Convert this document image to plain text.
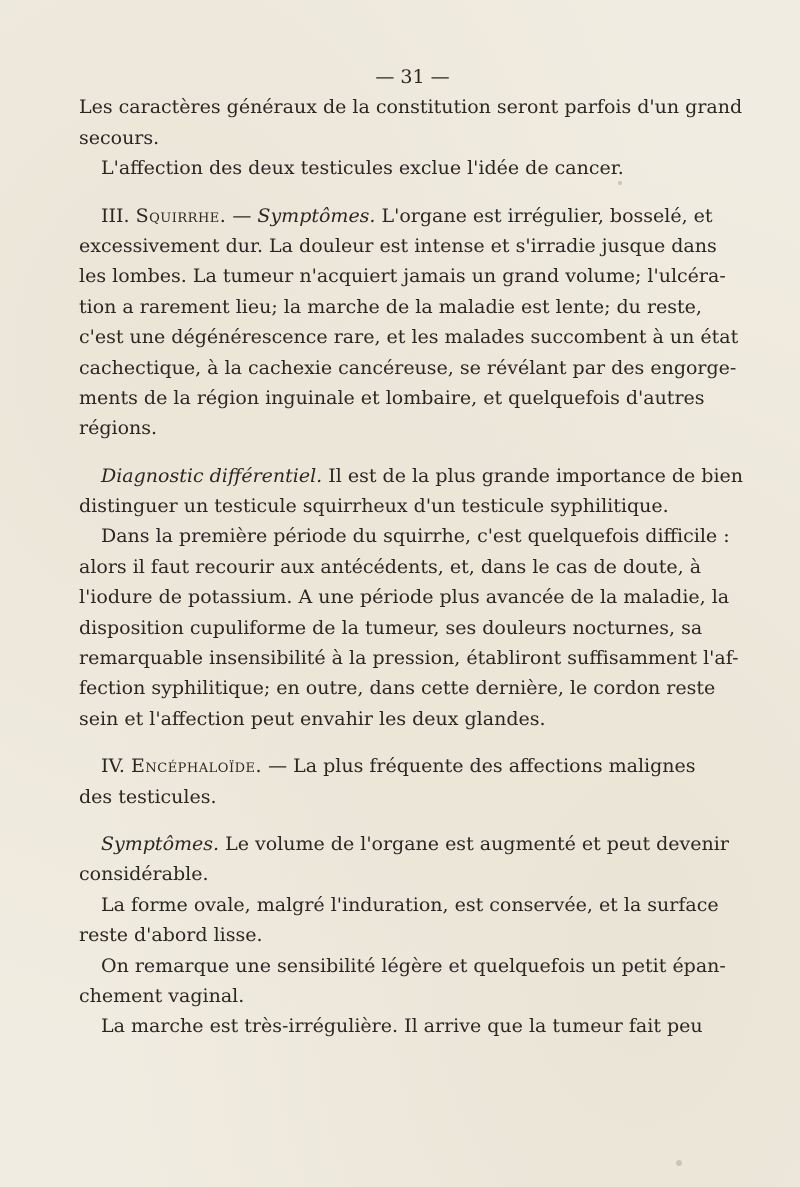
— 31 —
Les caractères généraux de la constitution seront parfois d'un grand
secours.
L'affection des deux testicules exclue l'idée de cancer.
III. Squirrhe. — Symptômes. L'organe est irrégulier, bosselé, et
excessivement dur. La douleur est intense et s'irradie jusque dans
les lombes. La tumeur n'acquiert jamais un grand volume; l'ulcéra-
tion a rarement lieu; la marche de la maladie est lente; du reste,
c'est une dégénérescence rare, et les malades succombent à un état
cachectique, à la cachexie cancéreuse, se révélant par des engorge-
ments de la région inguinale et lombaire, et quelquefois d'autres
régions.
Diagnostic différentiel. Il est de la plus grande importance de bien
distinguer un testicule squirrheux d'un testicule syphilitique.
Dans la première période du squirrhe, c'est quelquefois difficile :
alors il faut recourir aux antécédents, et, dans le cas de doute, à
l'iodure de potassium. A une période plus avancée de la maladie, la
disposition cupuliforme de la tumeur, ses douleurs nocturnes, sa
remarquable insensibilité à la pression, établiront suffisamment l'af-
fection syphilitique; en outre, dans cette dernière, le cordon reste
sein et l'affection peut envahir les deux glandes.
IV. Encéphaloïde. — La plus fréquente des affections malignes
des testicules.
Symptômes. Le volume de l'organe est augmenté et peut devenir
considérable.
La forme ovale, malgré l'induration, est conservée, et la surface
reste d'abord lisse.
On remarque une sensibilité légère et quelquefois un petit épan-
chement vaginal.
La marche est très-irrégulière. Il arrive que la tumeur fait peu
